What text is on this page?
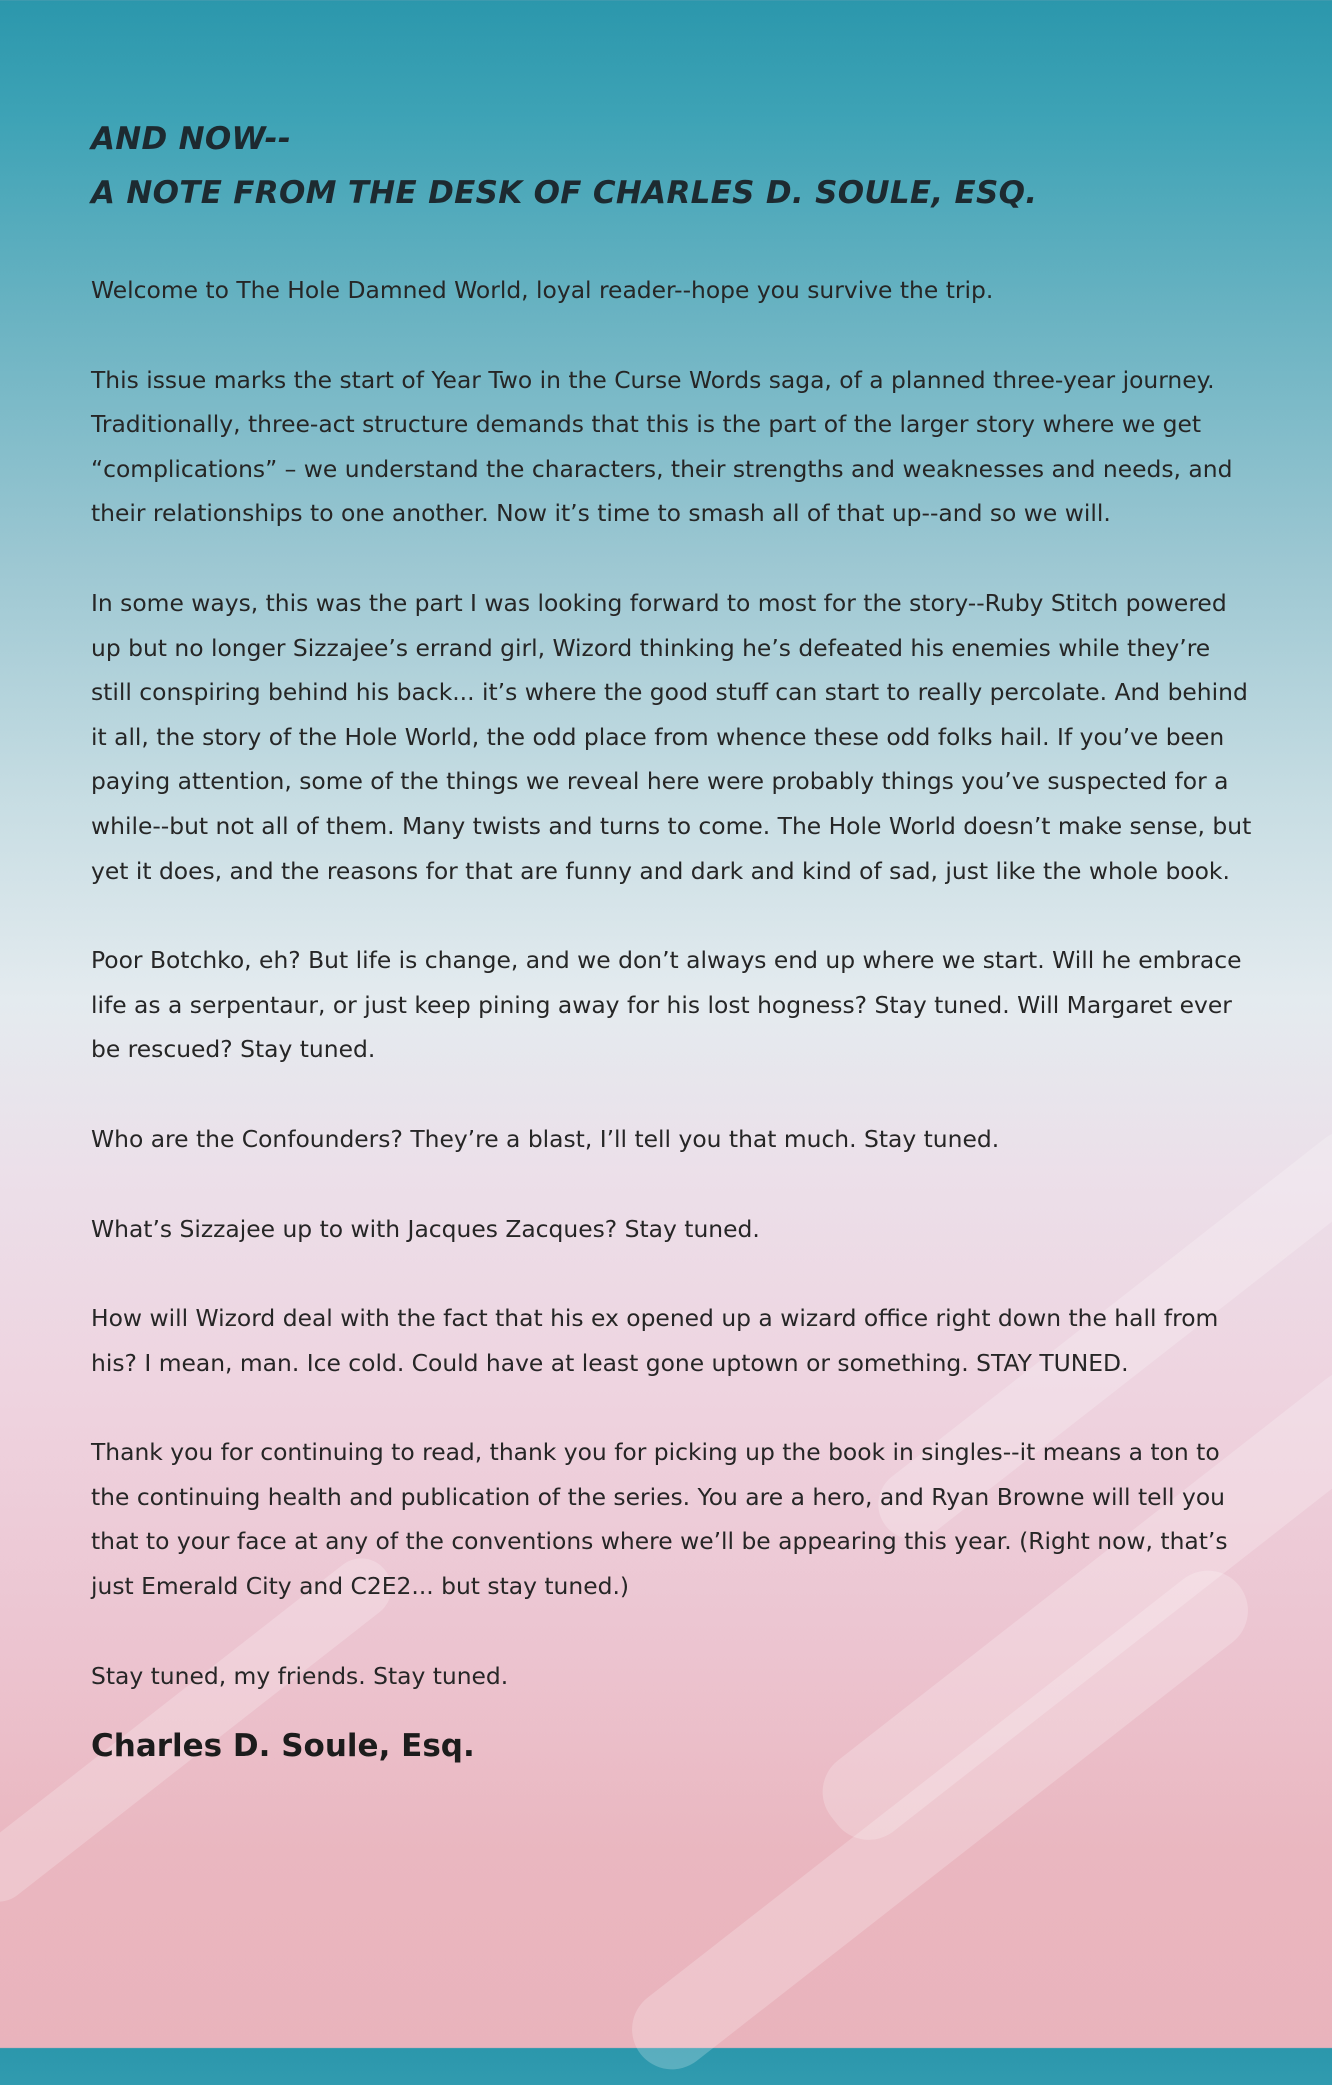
AND NOW--
A NOTE FROM THE DESK OF CHARLES D. SOULE, ESQ.

Welcome to The Hole Damned World, loyal reader--hope you survive the trip.

This issue marks the start of Year Two in the Curse Words saga, of a planned three-year journey. Traditionally, three-act structure demands that this is the part of the larger story where we get “complications” – we understand the characters, their strengths and weaknesses and needs, and their relationships to one another. Now it’s time to smash all of that up--and so we will.

In some ways, this was the part I was looking forward to most for the story--Ruby Stitch powered up but no longer Sizzajee’s errand girl, Wizord thinking he’s defeated his enemies while they’re still conspiring behind his back... it’s where the good stuff can start to really percolate. And behind it all, the story of the Hole World, the odd place from whence these odd folks hail. If you’ve been paying attention, some of the things we reveal here were probably things you’ve suspected for a while--but not all of them. Many twists and turns to come. The Hole World doesn’t make sense, but yet it does, and the reasons for that are funny and dark and kind of sad, just like the whole book.

Poor Botchko, eh? But life is change, and we don’t always end up where we start. Will he embrace life as a serpentaur, or just keep pining away for his lost hogness? Stay tuned. Will Margaret ever be rescued? Stay tuned.

Who are the Confounders? They’re a blast, I’ll tell you that much. Stay tuned.

What’s Sizzajee up to with Jacques Zacques? Stay tuned.

How will Wizord deal with the fact that his ex opened up a wizard office right down the hall from his? I mean, man. Ice cold. Could have at least gone uptown or something. STAY TUNED.

Thank you for continuing to read, thank you for picking up the book in singles--it means a ton to the continuing health and publication of the series. You are a hero, and Ryan Browne will tell you that to your face at any of the conventions where we’ll be appearing this year. (Right now, that’s just Emerald City and C2E2... but stay tuned.)

Stay tuned, my friends. Stay tuned.

Charles D. Soule, Esq.
